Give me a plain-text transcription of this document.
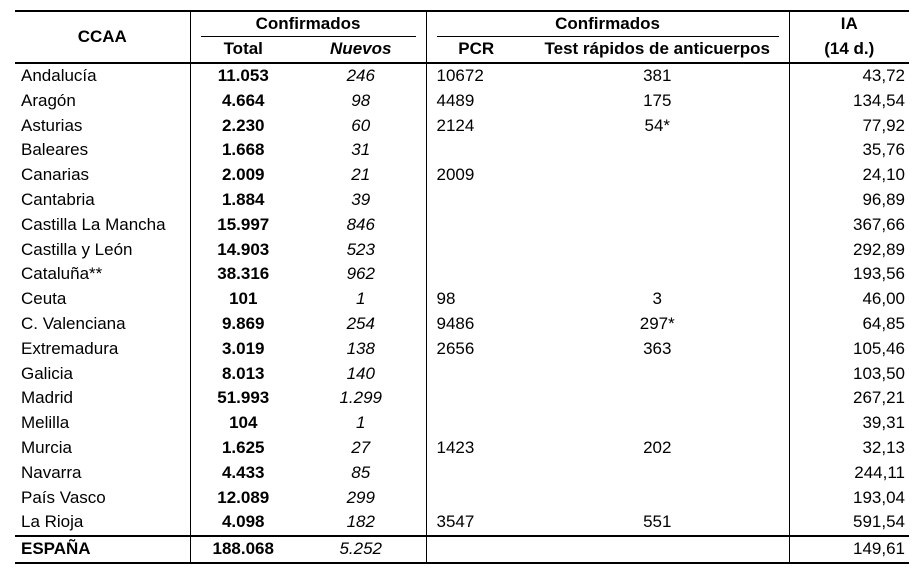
CCAA	Confirmados		Confirmados		IA
	Total	Nuevos	PCR	Test rápidos de anticuerpos	(14 d.)
Andalucía	11.053	246	10672	381	43,72
Aragón	4.664	98	4489	175	134,54
Asturias	2.230	60	2124	54*	77,92
Baleares	1.668	31			35,76
Canarias	2.009	21	2009		24,10
Cantabria	1.884	39			96,89
Castilla La Mancha	15.997	846			367,66
Castilla y León	14.903	523			292,89
Cataluña**	38.316	962			193,56
Ceuta	101	1	98	3	46,00
C. Valenciana	9.869	254	9486	297*	64,85
Extremadura	3.019	138	2656	363	105,46
Galicia	8.013	140			103,50
Madrid	51.993	1.299			267,21
Melilla	104	1			39,31
Murcia	1.625	27	1423	202	32,13
Navarra	4.433	85			244,11
País Vasco	12.089	299			193,04
La Rioja	4.098	182	3547	551	591,54
ESPAÑA	188.068	5.252			149,61
